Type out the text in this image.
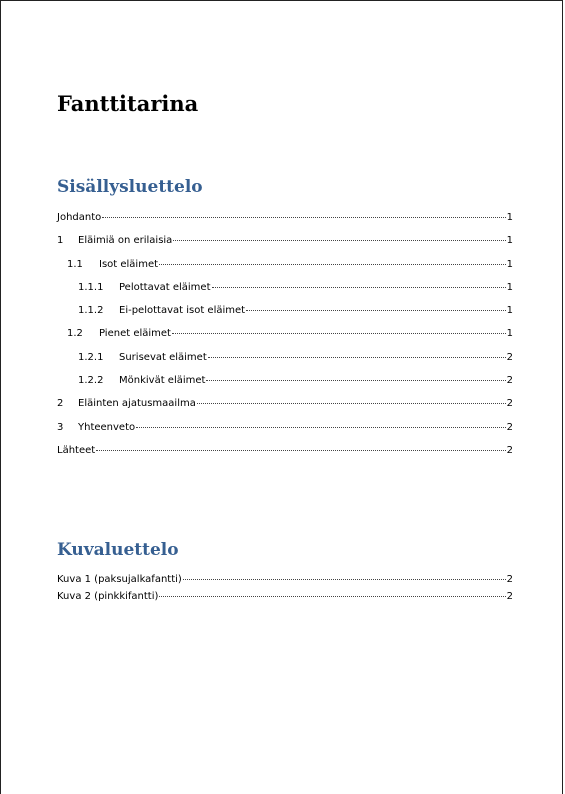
Fanttitarina
Sisällysluettelo
Johdanto	1
1	Eläimiä on erilaisia	1
1.1	Isot eläimet	1
1.1.1	Pelottavat eläimet	1
1.1.2	Ei-pelottavat isot eläimet	1
1.2	Pienet eläimet	1
1.2.1	Surisevat eläimet	2
1.2.2	Mönkivät eläimet	2
2	Eläinten ajatusmaailma	2
3	Yhteenveto	2
Lähteet	2
Kuvaluettelo
Kuva 1 (paksujalkafantti)	2
Kuva 2 (pinkkifantti)	2
